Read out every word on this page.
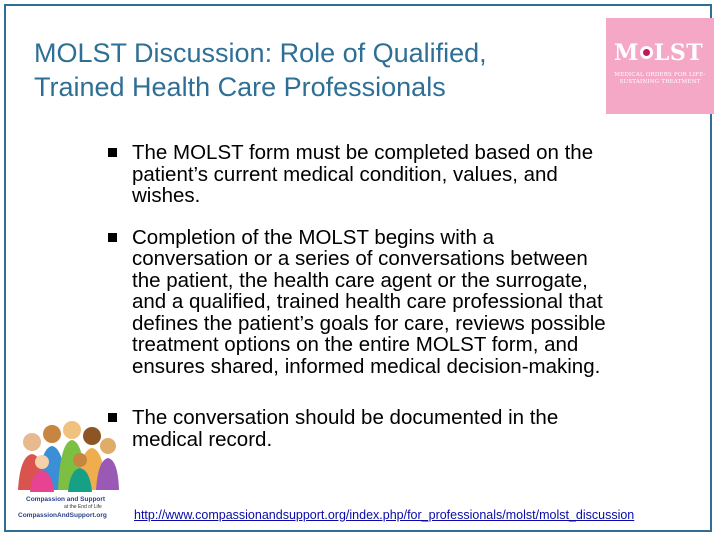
MOLST Discussion: Role of Qualified,
Trained Health Care Professionals
M LST
MEDICAL ORDERS FOR LIFE-SUSTAINING TREATMENT
The MOLST form must be completed based on the patient’s current medical condition, values, and wishes.
Completion of the MOLST begins with a conversation or a series of conversations between the patient, the health care agent or the surrogate, and a qualified, trained health care professional that defines the patient’s goals for care, reviews possible treatment options on the entire MOLST form, and ensures shared, informed medical decision-making.
The conversation should be documented in the medical record.
Compassion and Support
at the End of Life
CompassionAndSupport.org http://www.compassionandsupport.org/index.php/for_professionals/molst/molst_discussion
